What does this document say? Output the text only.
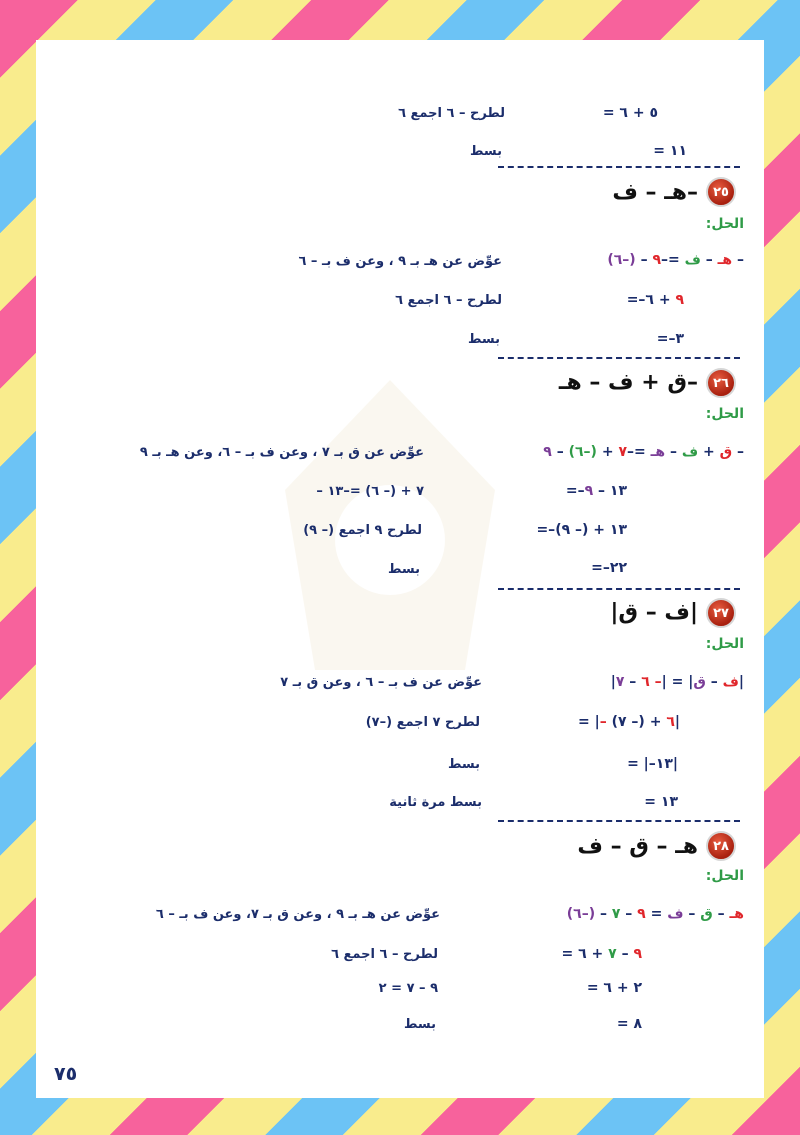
= ٥ + ٦
لطرح – ٦ اجمع ٦
= ١١
بسط
٢٥
–هـ – ف
الحل:
– هـ – ف =–٩ – (–٦)
عوِّض عن هـ بـ ٩ ، وعن ف بـ – ٦
=– ٩ + ٦
لطرح – ٦ اجمع ٦
=–٣
بسط
٢٦
–ق + ف – هـ
الحل:
– ق + ف – هـ =–٧ + (–٦) – ٩
عوِّض عن ق بـ ٧ ، وعن ف بـ – ٦، وعن هـ بـ ٩
=–١٣ – ٩
– ٧ + (– ٦) =–١٣
=–١٣ + (– ٩)
لطرح ٩ اجمع (– ٩)
=–٢٢
بسط
٢٧
|ف – ق|
الحل:
|ف – ق| = |– ٦ – ٧|
عوِّض عن ف بـ – ٦ ، وعن ق بـ ٧
= |– ٦ + (– ٧)|
لطرح ٧ اجمع (–٧)
= |–١٣|
بسط
= ١٣
بسط مرة ثانية
٢٨
هـ – ق – ف
الحل:
هـ – ق – ف = ٩ – ٧ – (–٦)
عوِّض عن هـ بـ ٩ ، وعن ق بـ ٧، وعن ف بـ – ٦
=	٩ – ٧ + ٦
لطرح – ٦ اجمع ٦
= ٢ + ٦
٩ – ٧ = ٢
= ٨
بسط
٧٥
